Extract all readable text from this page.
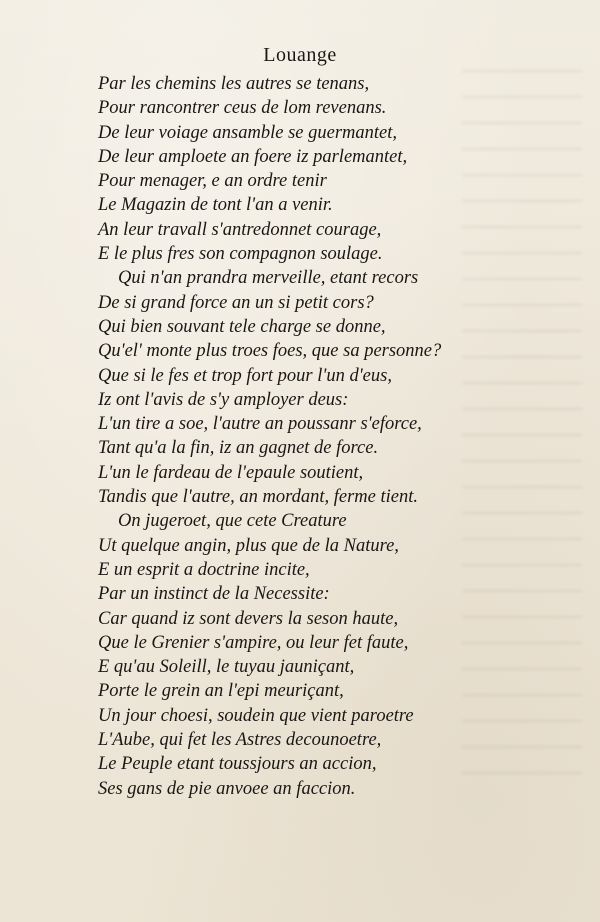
Louange
Par les chemins les autres se tenans,
Pour rancontrer ceus de lom revenans.
De leur voiage ansamble se guermantet,
De leur amploete an foere iz parlemantet,
Pour menager, e an ordre tenir
Le Magazin de tont l'an a venir.
An leur travall s'antredonnet courage,
E le plus fres son compagnon soulage.
Qui n'an prandra merveille, etant recors
De si grand force an un si petit cors?
Qui bien souvant tele charge se donne,
Qu'el' monte plus troes foes, que sa personne?
Que si le fes et trop fort pour l'un d'eus,
Iz ont l'avis de s'y amployer deus:
L'un tire a soe, l'autre an poussanr s'eforce,
Tant qu'a la fin, iz an gagnet de force.
L'un le fardeau de l'epaule soutient,
Tandis que l'autre, an mordant, ferme tient.
On jugeroet, que cete Creature
Ut quelque angin, plus que de la Nature,
E un esprit a doctrine incite,
Par un instinct de la Necessite:
Car quand iz sont devers la seson haute,
Que le Grenier s'ampire, ou leur fet faute,
E qu'au Soleill, le tuyau jauniçant,
Porte le grein an l'epi meuriçant,
Un jour choesi, soudein que vient paroetre
L'Aube, qui fet les Astres decounoetre,
Le Peuple etant toussjours an accion,
Ses gans de pie anvoee an faccion.
